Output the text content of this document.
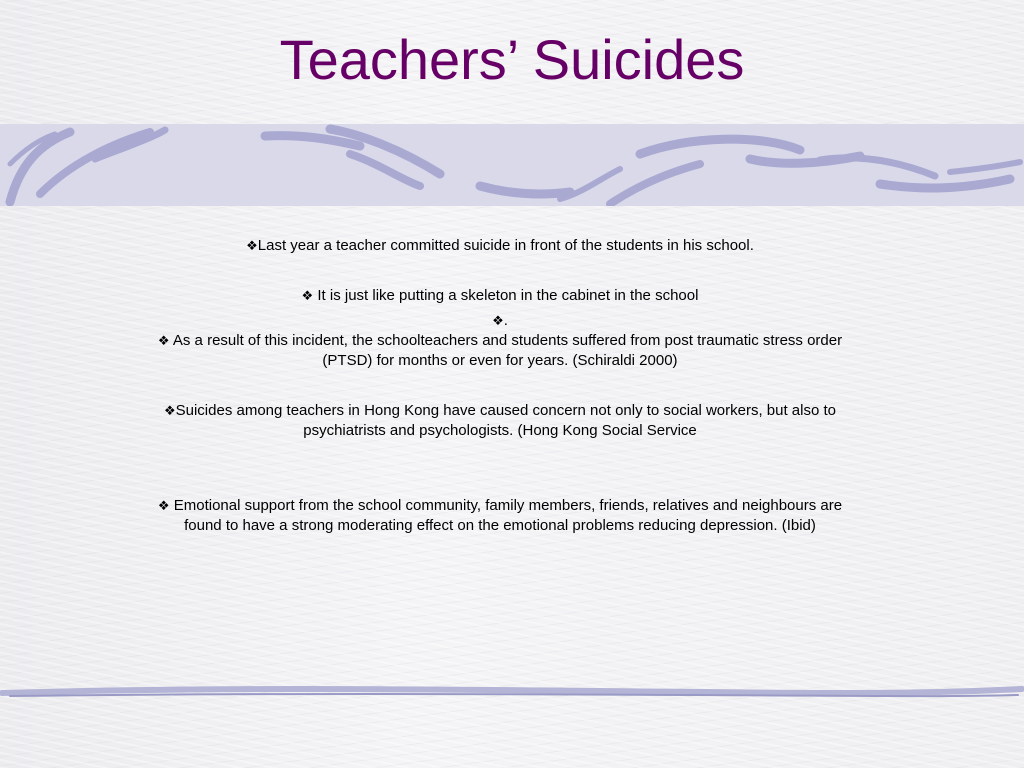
Teachers’ Suicides

❖Last year a teacher committed suicide in front of the students in his school.

❖ It is just like putting a skeleton in the cabinet in the school

❖.

❖ As a result of this incident, the schoolteachers and students suffered from post traumatic stress order (PTSD) for months or even for years. (Schiraldi 2000)

❖Suicides among teachers in Hong Kong have caused concern not only to social workers, but also to psychiatrists and psychologists. (Hong Kong Social Service

❖ Emotional support from the school community, family members, friends, relatives and neighbours are found to have a strong moderating effect on the emotional problems reducing depression. (Ibid)
